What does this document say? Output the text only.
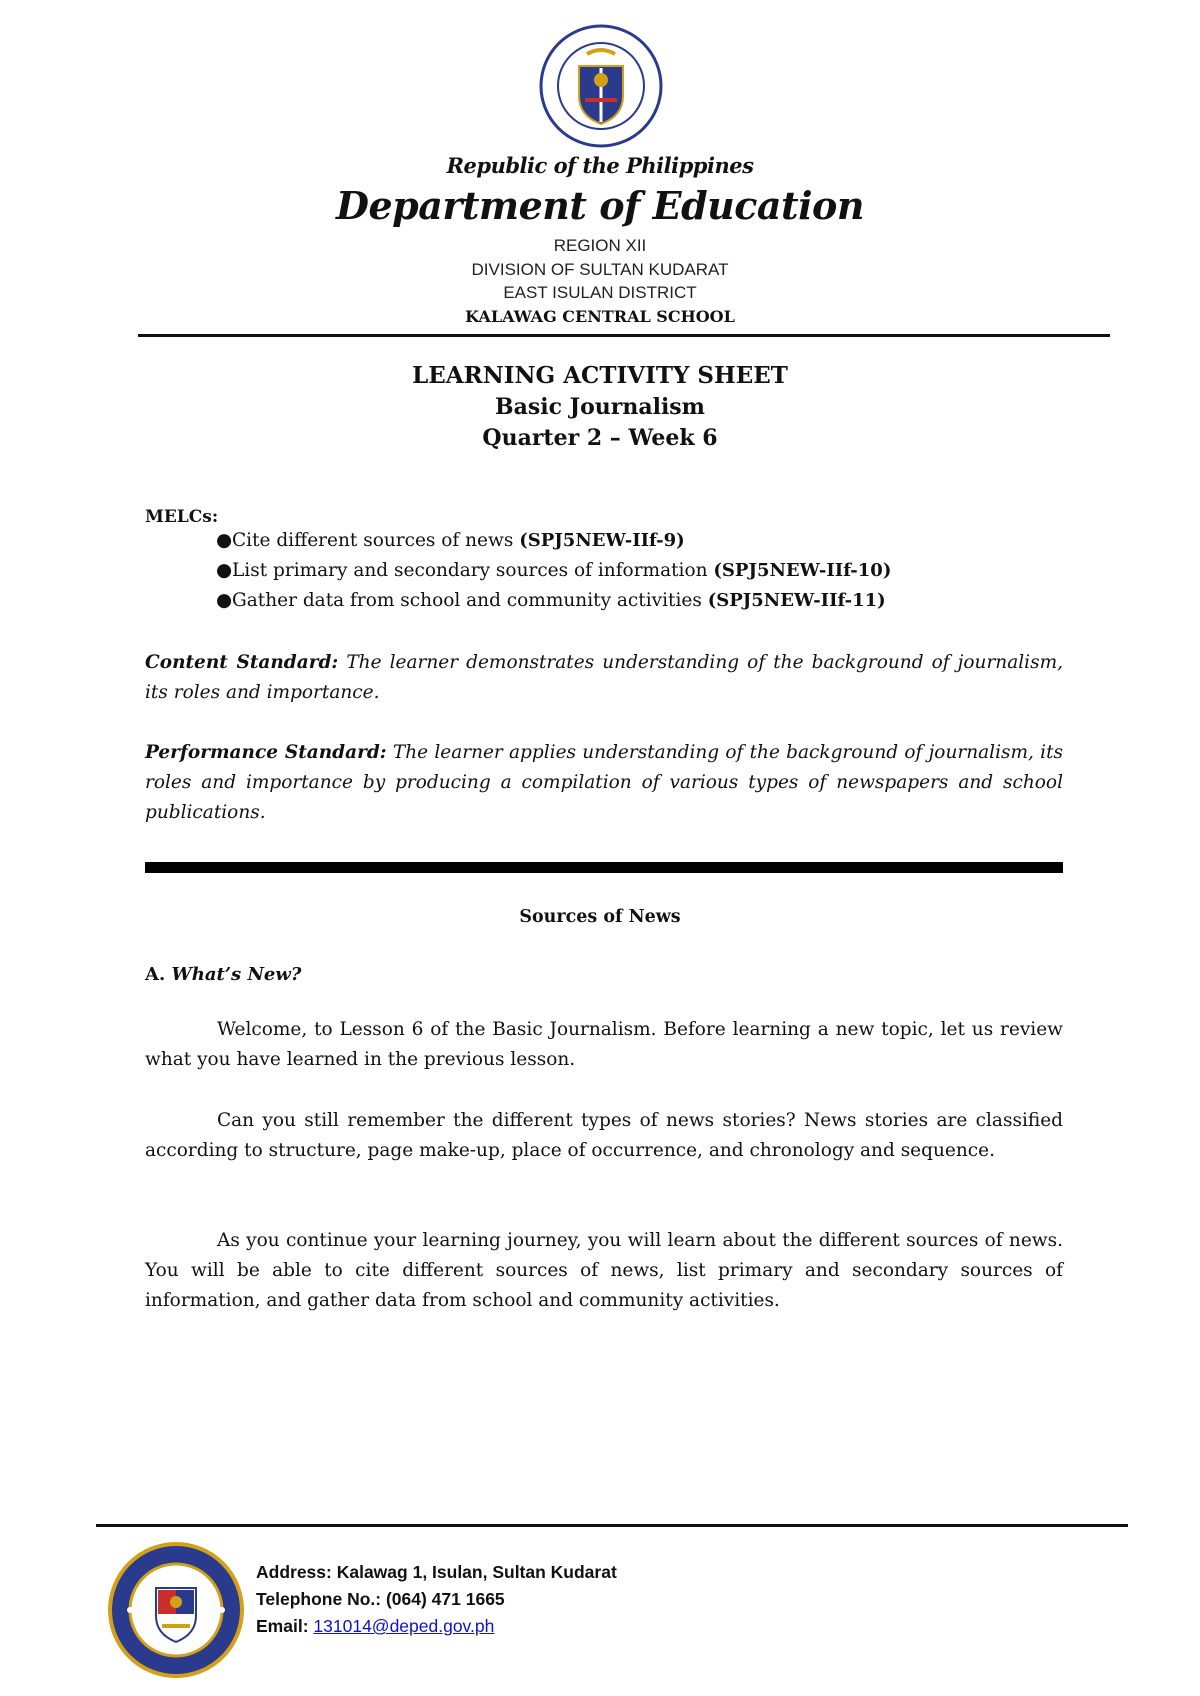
Republic of the Philippines
Department of Education
REGION XII
DIVISION OF SULTAN KUDARAT
EAST ISULAN DISTRICT
KALAWAG CENTRAL SCHOOL
LEARNING ACTIVITY SHEET
Basic Journalism
Quarter 2 – Week 6
MELCs:
● Cite different sources of news (SPJ5NEW-IIf-9)
● List primary and secondary sources of information (SPJ5NEW-IIf-10)
● Gather data from school and community activities (SPJ5NEW-IIf-11)
Content Standard: The learner demonstrates understanding of the background of journalism, its roles and importance.
Performance Standard: The learner applies understanding of the background of journalism, its roles and importance by producing a compilation of various types of newspapers and school publications.
Sources of News
A. What’s New?
Welcome, to Lesson 6 of the Basic Journalism. Before learning a new topic, let us review what you have learned in the previous lesson.
Can you still remember the different types of news stories? News stories are classified according to structure, page make-up, place of occurrence, and chronology and sequence.
As you continue your learning journey, you will learn about the different sources of news. You will be able to cite different sources of news, list primary and secondary sources of information, and gather data from school and community activities.
Address: Kalawag 1, Isulan, Sultan Kudarat
Telephone No.: (064) 471 1665
Email: 131014@deped.gov.ph
